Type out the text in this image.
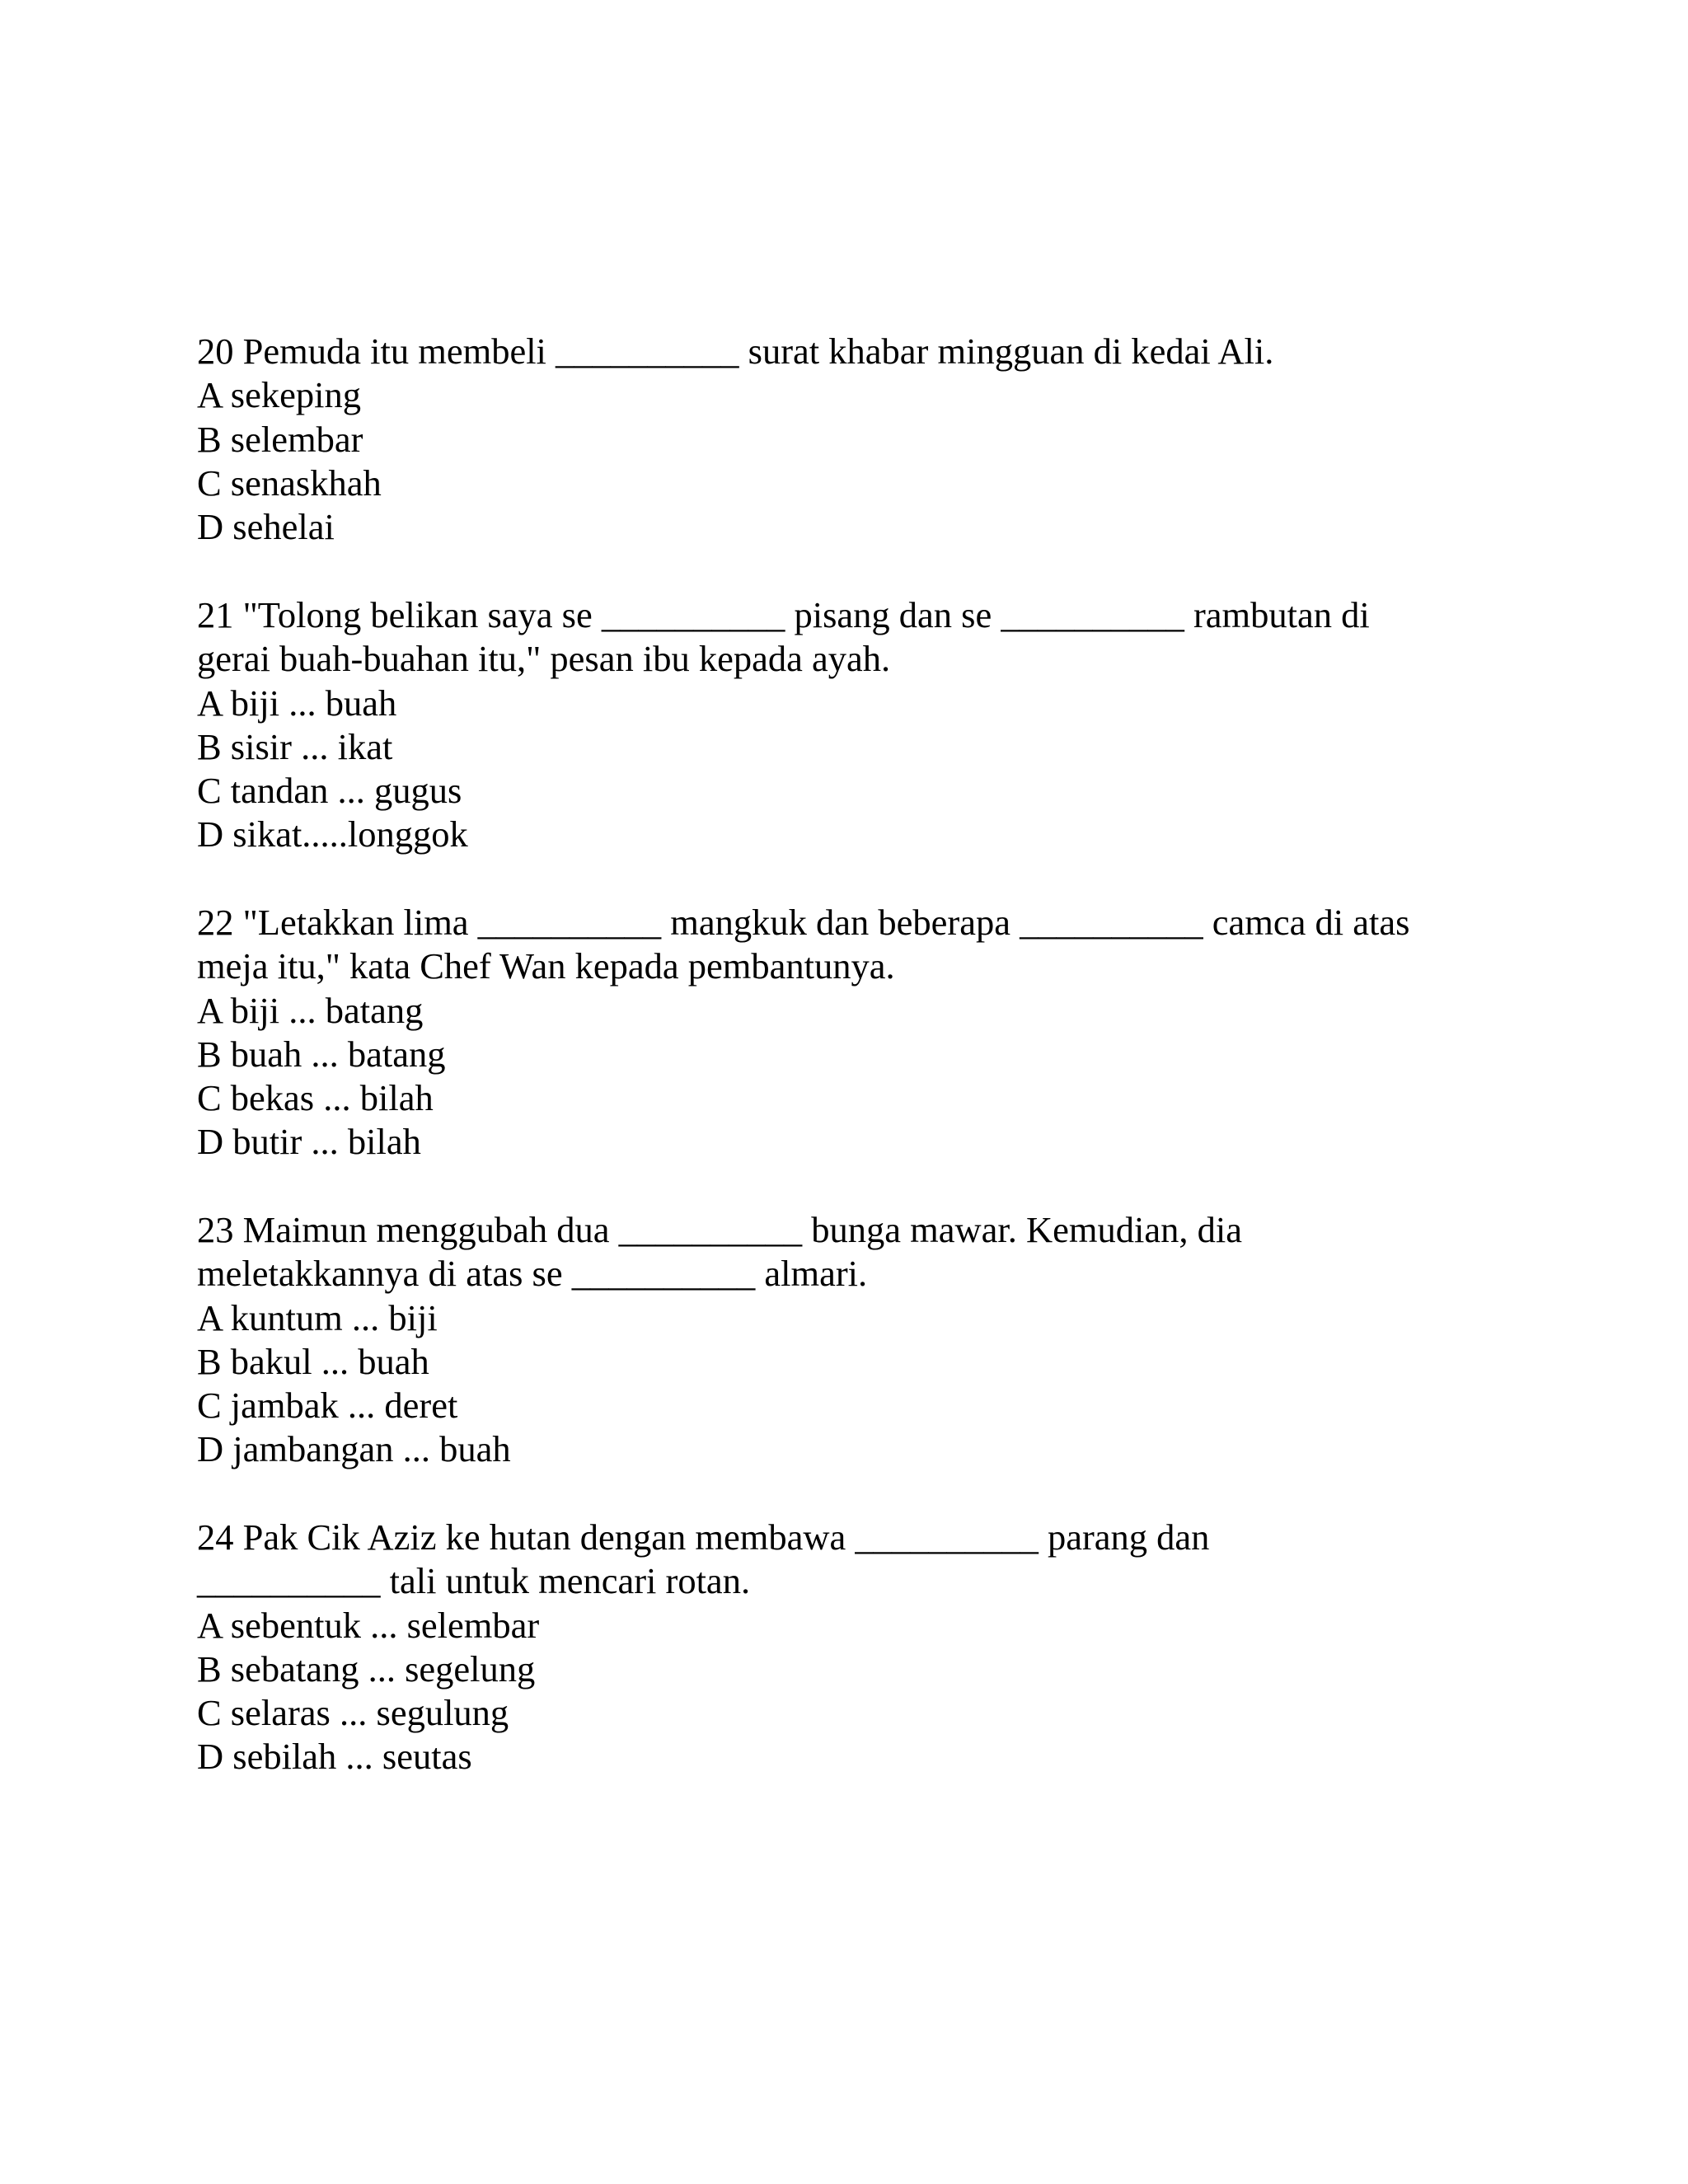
20 Pemuda itu membeli __________ surat khabar mingguan di kedai Ali.

A sekeping

B selembar

C senaskhah

D sehelai

21 "Tolong belikan saya se __________ pisang dan se __________ rambutan di

gerai buah-buahan itu," pesan ibu kepada ayah.

A biji ... buah

B sisir ... ikat

C tandan ... gugus

D sikat.....longgok

22 "Letakkan lima __________ mangkuk dan beberapa __________ camca di atas

meja itu," kata Chef Wan kepada pembantunya.

A biji ... batang

B buah ... batang

C bekas ... bilah

D butir ... bilah

23 Maimun menggubah dua __________ bunga mawar. Kemudian, dia

meletakkannya di atas se __________ almari.

A kuntum ... biji

B bakul ... buah

C jambak ... deret

D jambangan ... buah

24 Pak Cik Aziz ke hutan dengan membawa __________ parang dan

__________ tali untuk mencari rotan.

A sebentuk ... selembar

B sebatang ... segelung

C selaras ... segulung

D sebilah ... seutas
